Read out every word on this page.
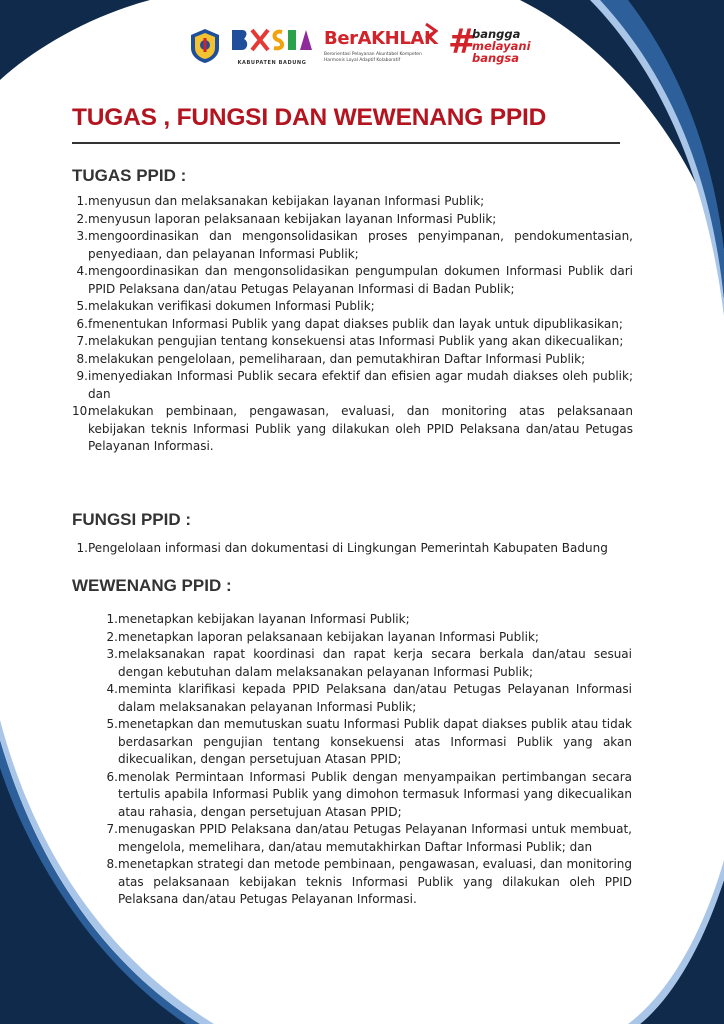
KABUPATEN BADUNG
BerAKHLAK
Berorientasi Pelayanan Akuntabel Kompeten
Harmonis Loyal Adaptif Kolaboratif #
bangga
melayani
bangsa
TUGAS , FUNGSI DAN WEWENANG PPID
TUGAS PPID :
1. menyusun dan melaksanakan kebijakan layanan Informasi Publik;
2. menyusun laporan pelaksanaan kebijakan layanan Informasi Publik;
3. mengoordinasikan dan mengonsolidasikan proses penyimpanan, pendokumentasian, penyediaan, dan pelayanan Informasi Publik;
4. mengoordinasikan dan mengonsolidasikan pengumpulan dokumen Informasi Publik dari PPID Pelaksana dan/atau Petugas Pelayanan Informasi di Badan Publik;
5. melakukan verifikasi dokumen Informasi Publik;
6. fmenentukan Informasi Publik yang dapat diakses publik dan layak untuk dipublikasikan;
7. melakukan pengujian tentang konsekuensi atas Informasi Publik yang akan dikecualikan;
8. melakukan pengelolaan, pemeliharaan, dan pemutakhiran Daftar Informasi Publik;
9. imenyediakan Informasi Publik secara efektif dan efisien agar mudah diakses oleh publik; dan
10.
melakukan pembinaan, pengawasan, evaluasi, dan monitoring atas pelaksanaan kebijakan teknis Informasi Publik yang dilakukan oleh PPID Pelaksana dan/atau Petugas Pelayanan Informasi.
FUNGSI PPID :
1. Pengelolaan informasi dan dokumentasi di Lingkungan Pemerintah Kabupaten Badung
WEWENANG PPID :
1. menetapkan kebijakan layanan Informasi Publik;
2. menetapkan laporan pelaksanaan kebijakan layanan Informasi Publik;
3. melaksanakan rapat koordinasi dan rapat kerja secara berkala dan/atau sesuai dengan kebutuhan dalam melaksanakan pelayanan Informasi Publik;
4. meminta klarifikasi kepada PPID Pelaksana dan/atau Petugas Pelayanan Informasi dalam melaksanakan pelayanan Informasi Publik;
5. menetapkan dan memutuskan suatu Informasi Publik dapat diakses publik atau tidak berdasarkan pengujian tentang konsekuensi atas Informasi Publik yang akan dikecualikan, dengan persetujuan Atasan PPID;
6. menolak Permintaan Informasi Publik dengan menyampaikan pertimbangan secara tertulis apabila Informasi Publik yang dimohon termasuk Informasi yang dikecualikan atau rahasia, dengan persetujuan Atasan PPID;
7. menugaskan PPID Pelaksana dan/atau Petugas Pelayanan Informasi untuk membuat, mengelola, memelihara, dan/atau memutakhirkan Daftar Informasi Publik; dan
8. menetapkan strategi dan metode pembinaan, pengawasan, evaluasi, dan monitoring atas pelaksanaan kebijakan teknis Informasi Publik yang dilakukan oleh PPID Pelaksana dan/atau Petugas Pelayanan Informasi.
